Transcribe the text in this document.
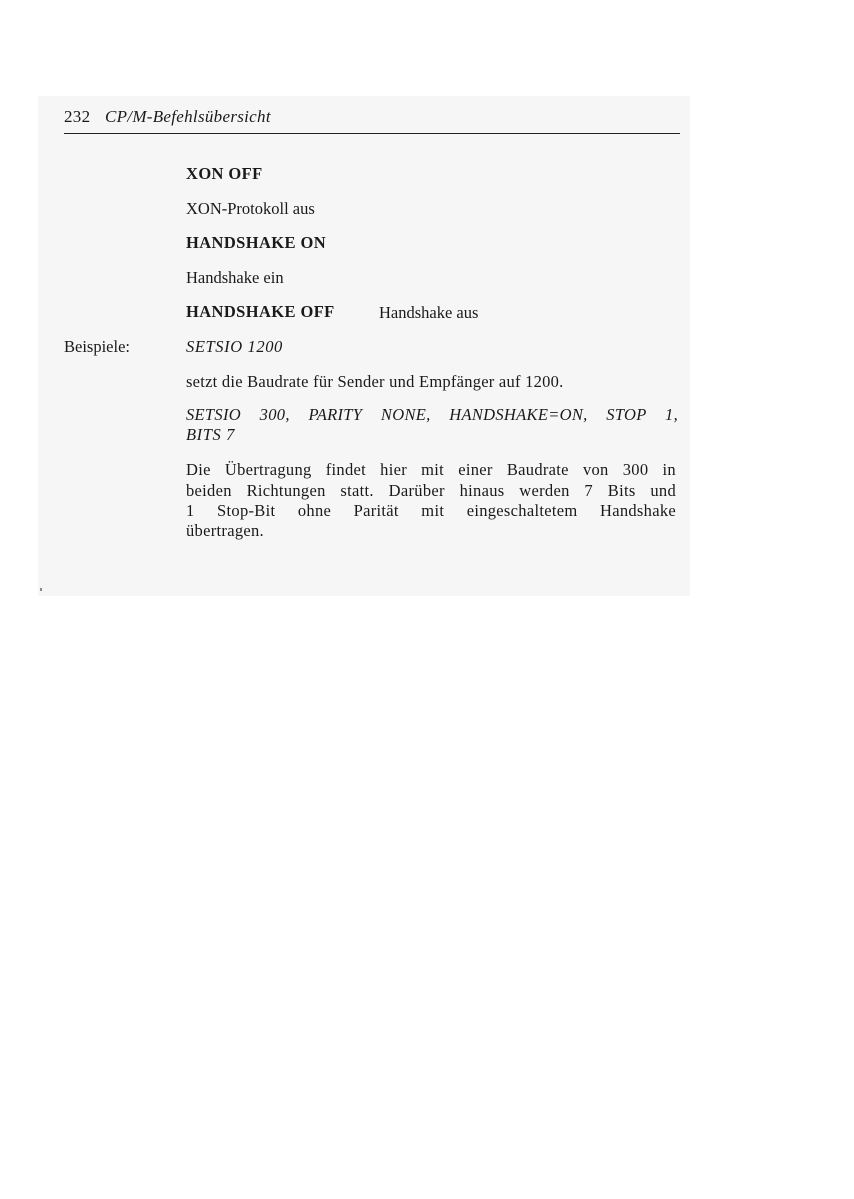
232 CP/M-Befehlsübersicht
XON OFF
XON-Protokoll aus
HANDSHAKE ON
Handshake ein
HANDSHAKE OFF	Handshake aus
Beispiele:	SETSIO 1200
setzt die Baudrate für Sender und Empfänger auf 1200.
SETSIO 300, PARITY NONE, HANDSHAKE=ON, STOP 1,
BITS 7
Die Übertragung findet hier mit einer Baudrate von 300 in
beiden Richtungen statt. Darüber hinaus werden 7 Bits und
1 Stop-Bit ohne Parität mit eingeschaltetem Handshake
übertragen.
